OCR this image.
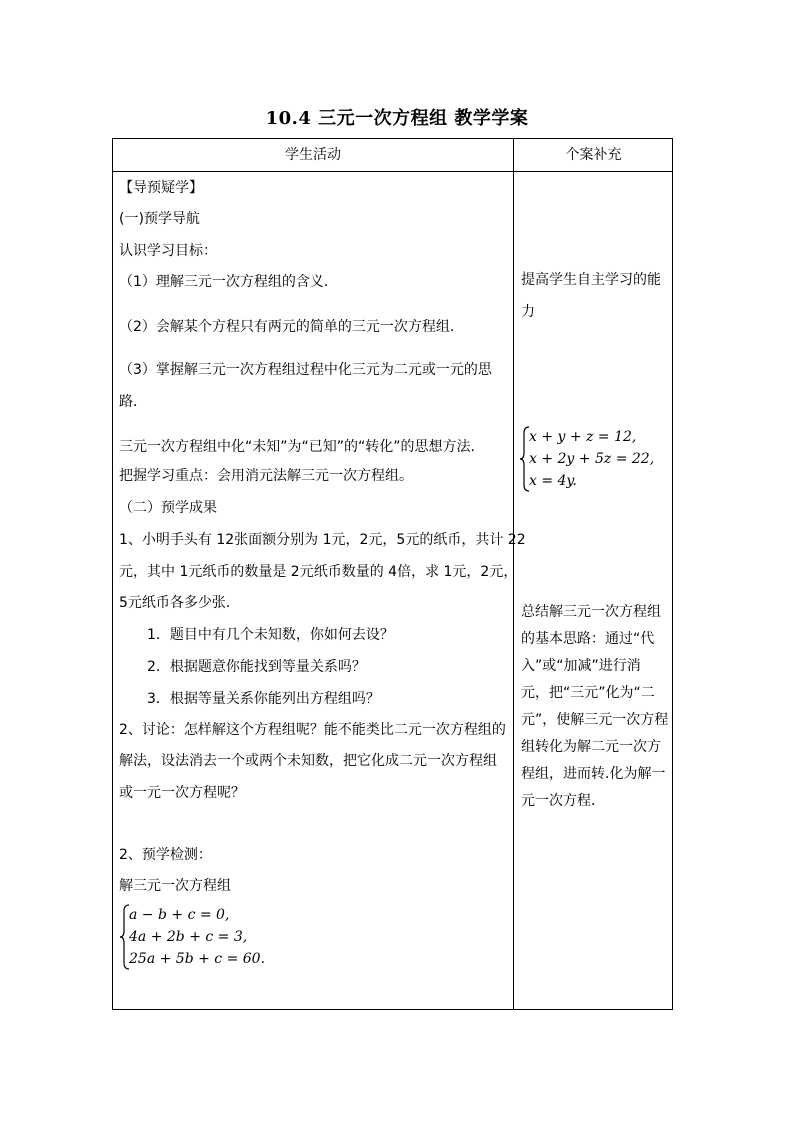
10.4 三元一次方程组 教学学案
学生活动	个案补充
【导预疑学】
(一)预学导航
认识学习目标：
（1）理解三元一次方程组的含义．
（2）会解某个方程只有两元的简单的三元一次方程组．
（3）掌握解三元一次方程组过程中化三元为二元或一元的思
路．
三元一次方程组中化“未知”为“已知”的“转化”的思想方法.
把握学习重点：会用消元法解三元一次方程组。
（二）预学成果
1、小明手头有 12张面额分别为 1元，2元，5元的纸币，共计 22
元，其中 1元纸币的数量是 2元纸币数量的 4倍，求 1元，2元，
5元纸币各多少张．
1．题目中有几个未知数，你如何去设？
2．根据题意你能找到等量关系吗？
3．根据等量关系你能列出方程组吗？
2、讨论：怎样解这个方程组呢？能不能类比二元一次方程组的
解法，设法消去一个或两个未知数，把它化成二元一次方程组
或一元一次方程呢？
2、预学检测：
解三元一次方程组
a − b + c = 0,
4a + 2b + c = 3,
25a + 5b + c = 60.
提高学生自主学习的能
力
x + y + z = 12,
x + 2y + 5z = 22,
x = 4y.
总结解三元一次方程组
的基本思路：通过“代
入”或“加减”进行消
元，把“三元”化为“二
元”，使解三元一次方程
组转化为解二元一次方
程组，进而转.化为解一
元一次方程．
